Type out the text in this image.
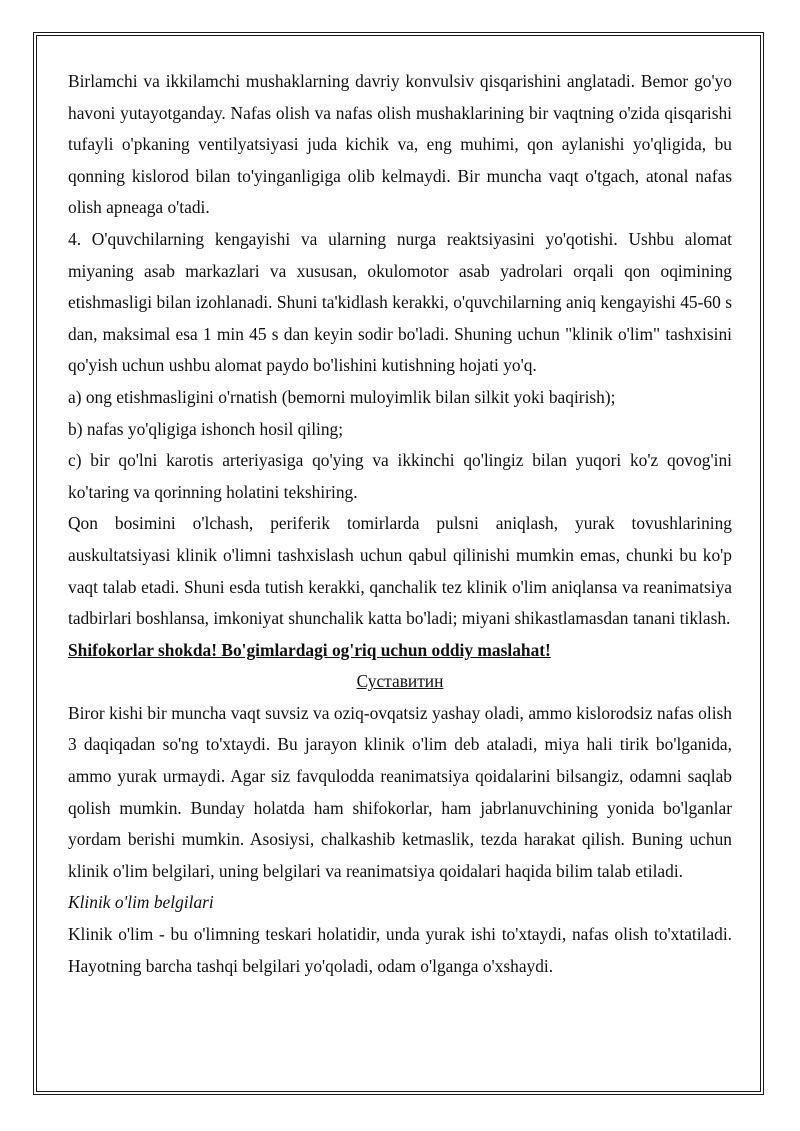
Birlamchi va ikkilamchi mushaklarning davriy konvulsiv qisqarishini anglatadi. Bemor go'yo havoni yutayotganday. Nafas olish va nafas olish mushaklarining bir vaqtning o'zida qisqarishi tufayli o'pkaning ventilyatsiyasi juda kichik va, eng muhimi, qon aylanishi yo'qligida, bu qonning kislorod bilan to'yinganligiga olib kelmaydi. Bir muncha vaqt o'tgach, atonal nafas olish apneaga o'tadi.

4. O'quvchilarning kengayishi va ularning nurga reaktsiyasini yo'qotishi. Ushbu alomat miyaning asab markazlari va xususan, okulomotor asab yadrolari orqali qon oqimining etishmasligi bilan izohlanadi. Shuni ta'kidlash kerakki, o'quvchilarning aniq kengayishi 45-60 s dan, maksimal esa 1 min 45 s dan keyin sodir bo'ladi. Shuning uchun "klinik o'lim" tashxisini qo'yish uchun ushbu alomat paydo bo'lishini kutishning hojati yo'q.

a) ong etishmasligini o'rnatish (bemorni muloyimlik bilan silkit yoki baqirish);

b) nafas yo'qligiga ishonch hosil qiling;

c) bir qo'lni karotis arteriyasiga qo'ying va ikkinchi qo'lingiz bilan yuqori ko'z qovog'ini ko'taring va qorinning holatini tekshiring.

Qon bosimini o'lchash, periferik tomirlarda pulsni aniqlash, yurak tovushlarining auskultatsiyasi klinik o'limni tashxislash uchun qabul qilinishi mumkin emas, chunki bu ko'p vaqt talab etadi. Shuni esda tutish kerakki, qanchalik tez klinik o'lim aniqlansa va reanimatsiya tadbirlari boshlansa, imkoniyat shunchalik katta bo'ladi; miyani shikastlamasdan tanani tiklash.

Shifokorlar shokda! Bo'gimlardagi og'riq uchun oddiy maslahat!

Суставитин

Biror kishi bir muncha vaqt suvsiz va oziq-ovqatsiz yashay oladi, ammo kislorodsiz nafas olish 3 daqiqadan so'ng to'xtaydi. Bu jarayon klinik o'lim deb ataladi, miya hali tirik bo'lganida, ammo yurak urmaydi. Agar siz favqulodda reanimatsiya qoidalarini bilsangiz, odamni saqlab qolish mumkin. Bunday holatda ham shifokorlar, ham jabrlanuvchining yonida bo'lganlar yordam berishi mumkin. Asosiysi, chalkashib ketmaslik, tezda harakat qilish. Buning uchun klinik o'lim belgilari, uning belgilari va reanimatsiya qoidalari haqida bilim talab etiladi.

Klinik o'lim belgilari

Klinik o'lim - bu o'limning teskari holatidir, unda yurak ishi to'xtaydi, nafas olish to'xtatiladi. Hayotning barcha tashqi belgilari yo'qoladi, odam o'lganga o'xshaydi.
